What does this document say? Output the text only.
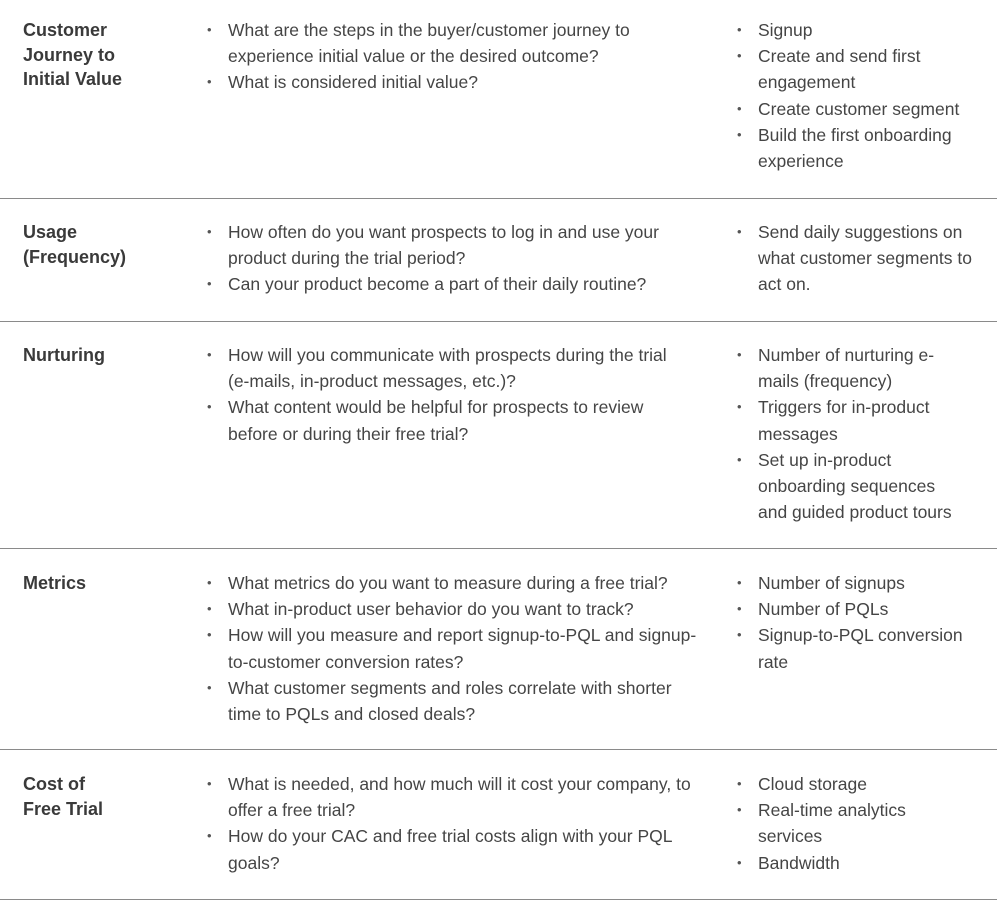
Customer
Journey to
Initial Value
• What are the steps in the buyer/customer journey to experience initial value or the desired outcome?
• What is considered initial value?
• Signup
• Create and send first engagement
• Create customer segment
• Build the first onboarding experience
Usage
(Frequency)
• How often do you want prospects to log in and use your product during the trial period?
• Can your product become a part of their daily routine?
• Send daily suggestions on what customer segments to act on.
Nurturing	• How will you communicate with prospects during the trial (e-mails, in-product messages, etc.)?
• What content would be helpful for prospects to review before or during their free trial?
• Number of nurturing e-mails (frequency)
• Triggers for in-product messages
• Set up in-product onboarding sequences and guided product tours
Metrics	• What metrics do you want to measure during a free trial?
• What in-product user behavior do you want to track?
• How will you measure and report signup-to-PQL and signup-to-customer conversion rates?
• What customer segments and roles correlate with shorter time to PQLs and closed deals?
• Number of signups
• Number of PQLs
• Signup-to-PQL conversion rate
Cost of
Free Trial
• What is needed, and how much will it cost your company, to offer a free trial?
• How do your CAC and free trial costs align with your PQL goals?
• Cloud storage
• Real-time analytics services
• Bandwidth
